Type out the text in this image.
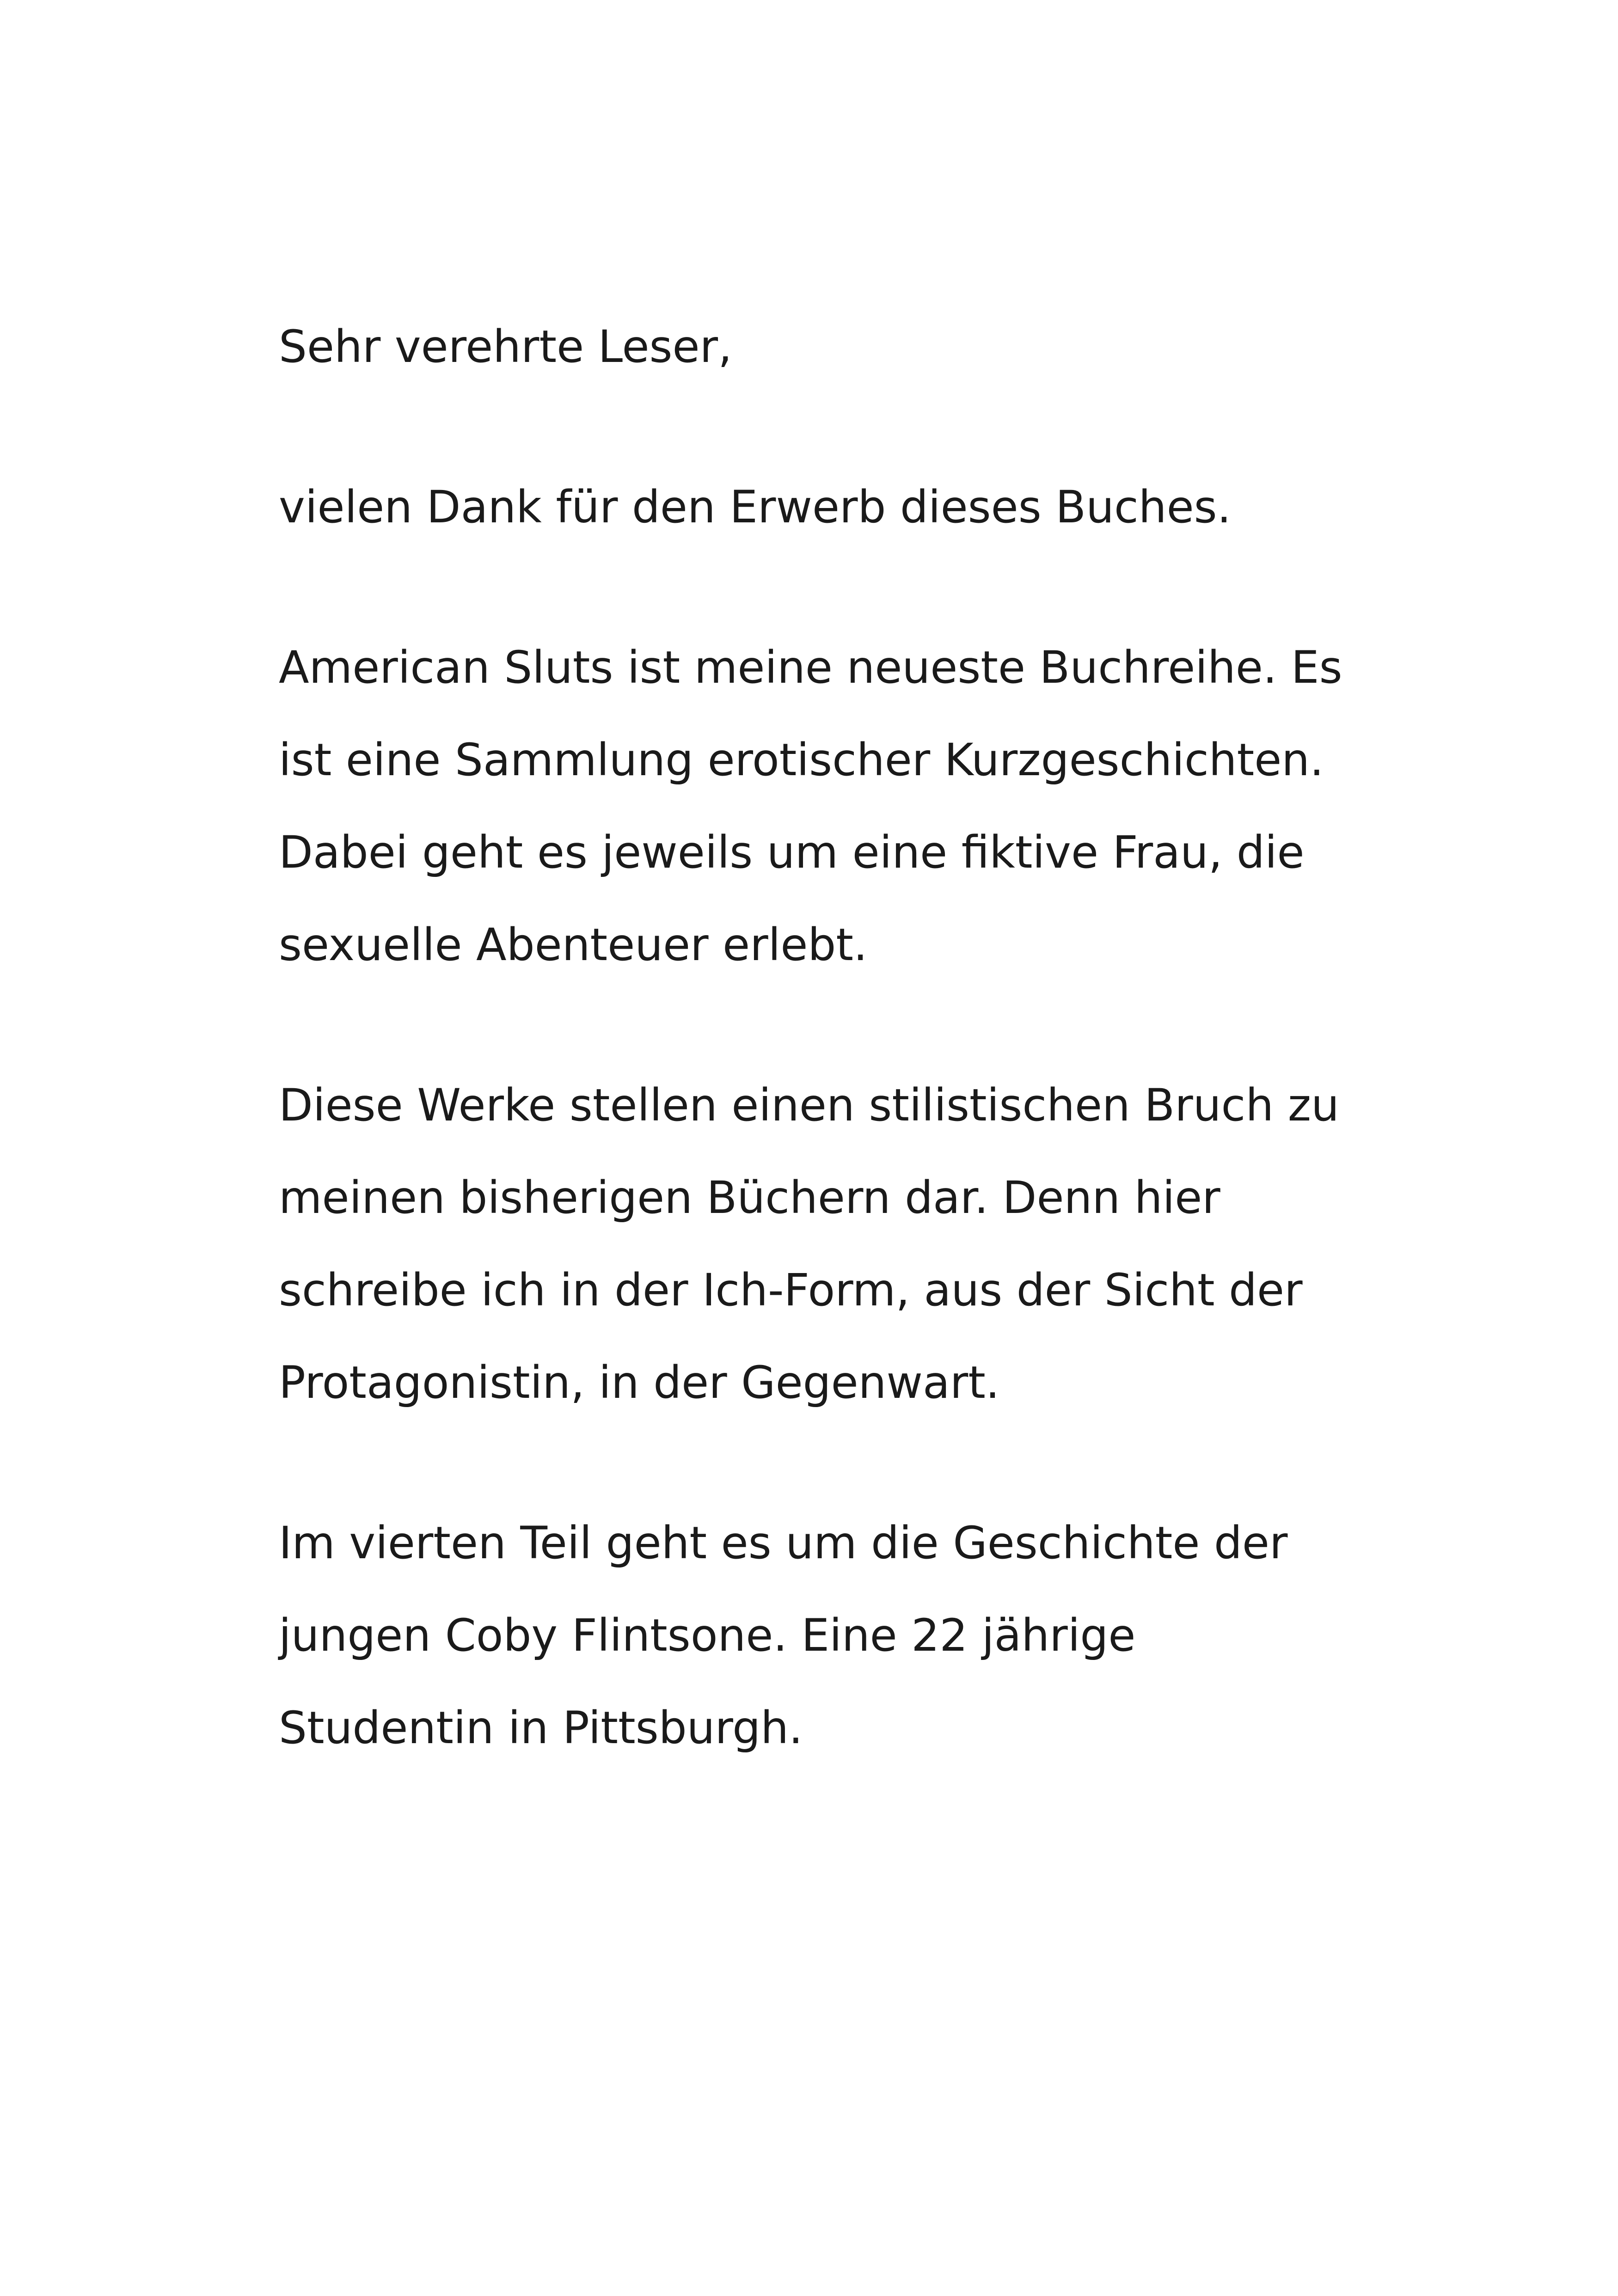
Sehr verehrte Leser,
vielen Dank für den Erwerb dieses Buches.
American Sluts ist meine neueste Buchreihe. Es
ist eine Sammlung erotischer Kurzgeschichten.
Dabei geht es jeweils um eine fiktive Frau, die
sexuelle Abenteuer erlebt.
Diese Werke stellen einen stilistischen Bruch zu
meinen bisherigen Büchern dar. Denn hier
schreibe ich in der Ich-Form, aus der Sicht der
Protagonistin, in der Gegenwart.
Im vierten Teil geht es um die Geschichte der
jungen Coby Flintsone. Eine 22 jährige
Studentin in Pittsburgh.
